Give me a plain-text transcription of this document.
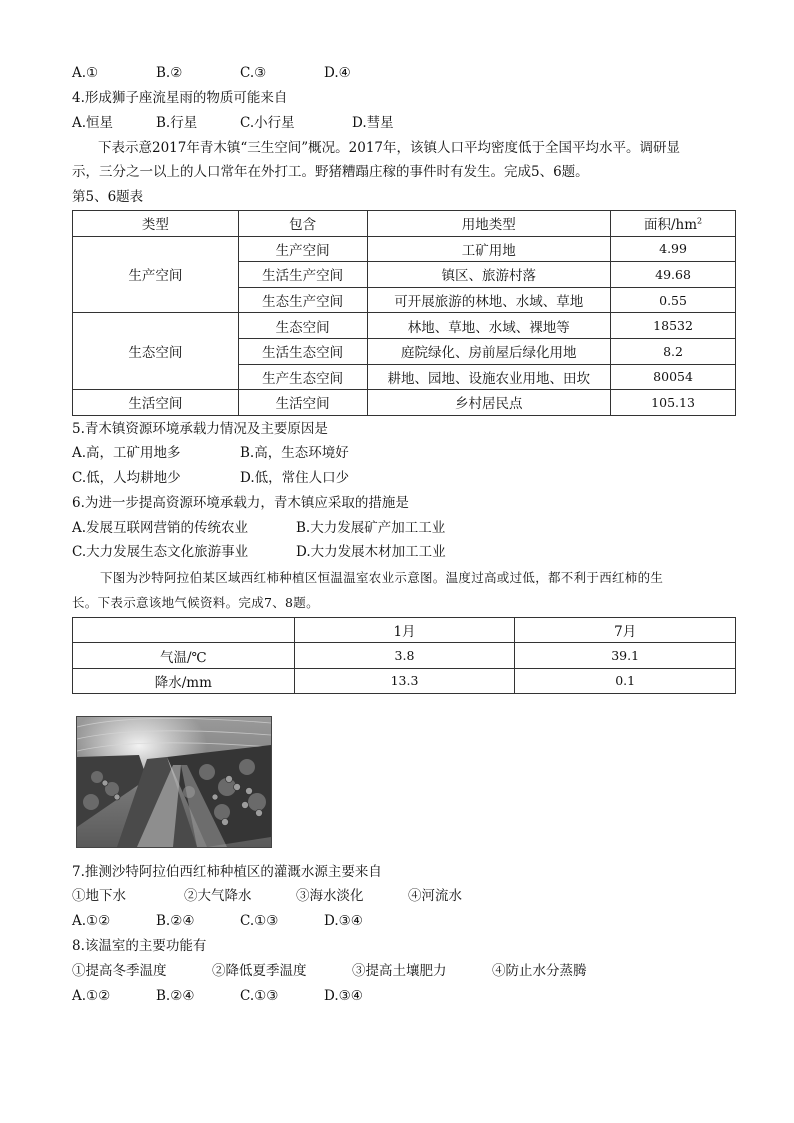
A.①	B.②	C.③	D.④
4.形成狮子座流星雨的物质可能来自
A.恒星	B.行星	C.小行星	D.彗星
下表示意2017年青木镇“三生空间”概况。2017年，该镇人口平均密度低于全国平均水平。调研显
示，三分之一以上的人口常年在外打工。野猪糟蹋庄稼的事件时有发生。完成5、6题。
第5、6题表
类型	包含	用地类型	面积$/hm^2$
生产空间	生产空间	工矿用地	4.99
	生活生产空间	镇区、旅游村落	49.68
	生态生产空间	可开展旅游的林地、水域、草地	0.55
生态空间	生态空间	林地、草地、水域、裸地等	18532
	生活生态空间	庭院绿化、房前屋后绿化用地	8.2
	生产生态空间	耕地、园地、设施农业用地、田坎	80054
生活空间	生活空间	乡村居民点	105.13
5.青木镇资源环境承载力情况及主要原因是
A.高，工矿用地多	B.高，生态环境好
C.低，人均耕地少	D.低，常住人口少
6.为进一步提高资源环境承载力，青木镇应采取的措施是
A.发展互联网营销的传统农业	B.大力发展矿产加工工业
C.大力发展生态文化旅游事业	D.大力发展木材加工工业
下图为沙特阿拉伯某区域西红柿种植区恒温温室农业示意图。温度过高或过低，都不利于西红柿的生
长。下表示意该地气候资料。完成7、8题。
	1月	7月
气温/℃	3.8	39.1
降水/mm	13.3	0.1
7.推测沙特阿拉伯西红柿种植区的灌溉水源主要来自
①地下水	②大气降水	③海水淡化	④河流水
A.①②	B.②④	C.①③	D.③④
8.该温室的主要功能有
①提高冬季温度	②降低夏季温度	③提高土壤肥力	④防止水分蒸腾
A.①②	B.②④	C.①③	D.③④
